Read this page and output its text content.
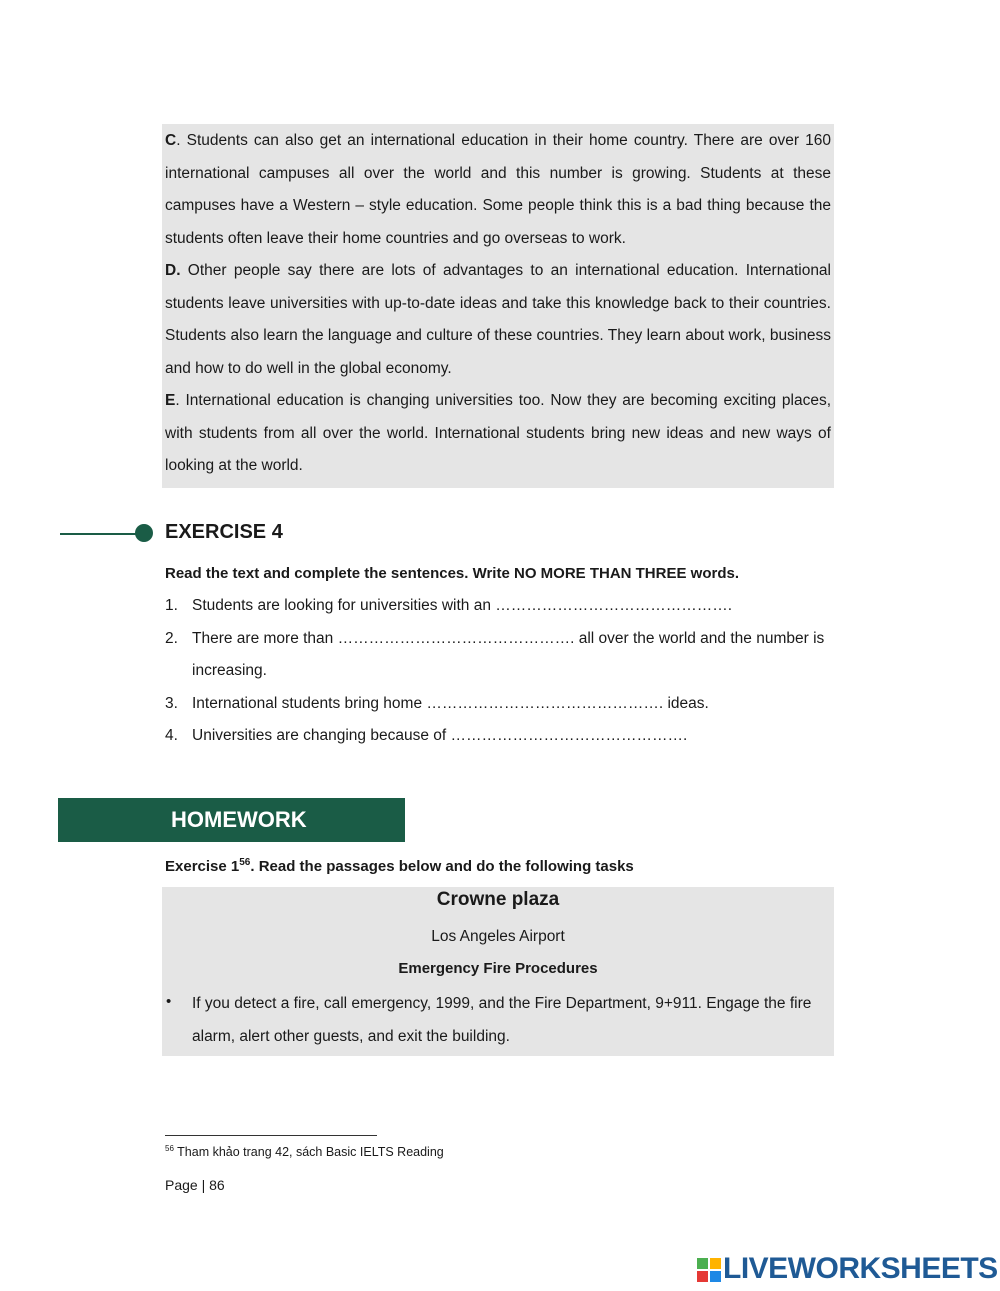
C. Students can also get an international education in their home country. There are over 160 international campuses all over the world and this number is growing. Students at these campuses have a Western – style education. Some people think this is a bad thing because the students often leave their home countries and go overseas to work.

D. Other people say there are lots of advantages to an international education. International students leave universities with up-to-date ideas and take this knowledge back to their countries. Students also learn the language and culture of these countries. They learn about work, business and how to do well in the global economy.

E. International education is changing universities too. Now they are becoming exciting places, with students from all over the world. International students bring new ideas and new ways of looking at the world.

EXERCISE 4

Read the text and complete the sentences. Write NO MORE THAN THREE words.

1. Students are looking for universities with an ……………………………………….

2. There are more than ………………………………………. all over the world and the number is

increasing.

3. International students bring home ………………………………………. ideas.

4. Universities are changing because of ……………………………………….

HOMEWORK

Exercise $1^{56}$. Read the passages below and do the following tasks

Crowne plaza

Los Angeles Airport

Emergency Fire Procedures

• If you detect a fire, call emergency, 1999, and the Fire Department, 9+911. Engage the fire alarm, alert other guests, and exit the building.

$^{56}$ Tham khảo trang 42, sách Basic IELTS Reading

Page | 86

LIVEWORKSHEETS
